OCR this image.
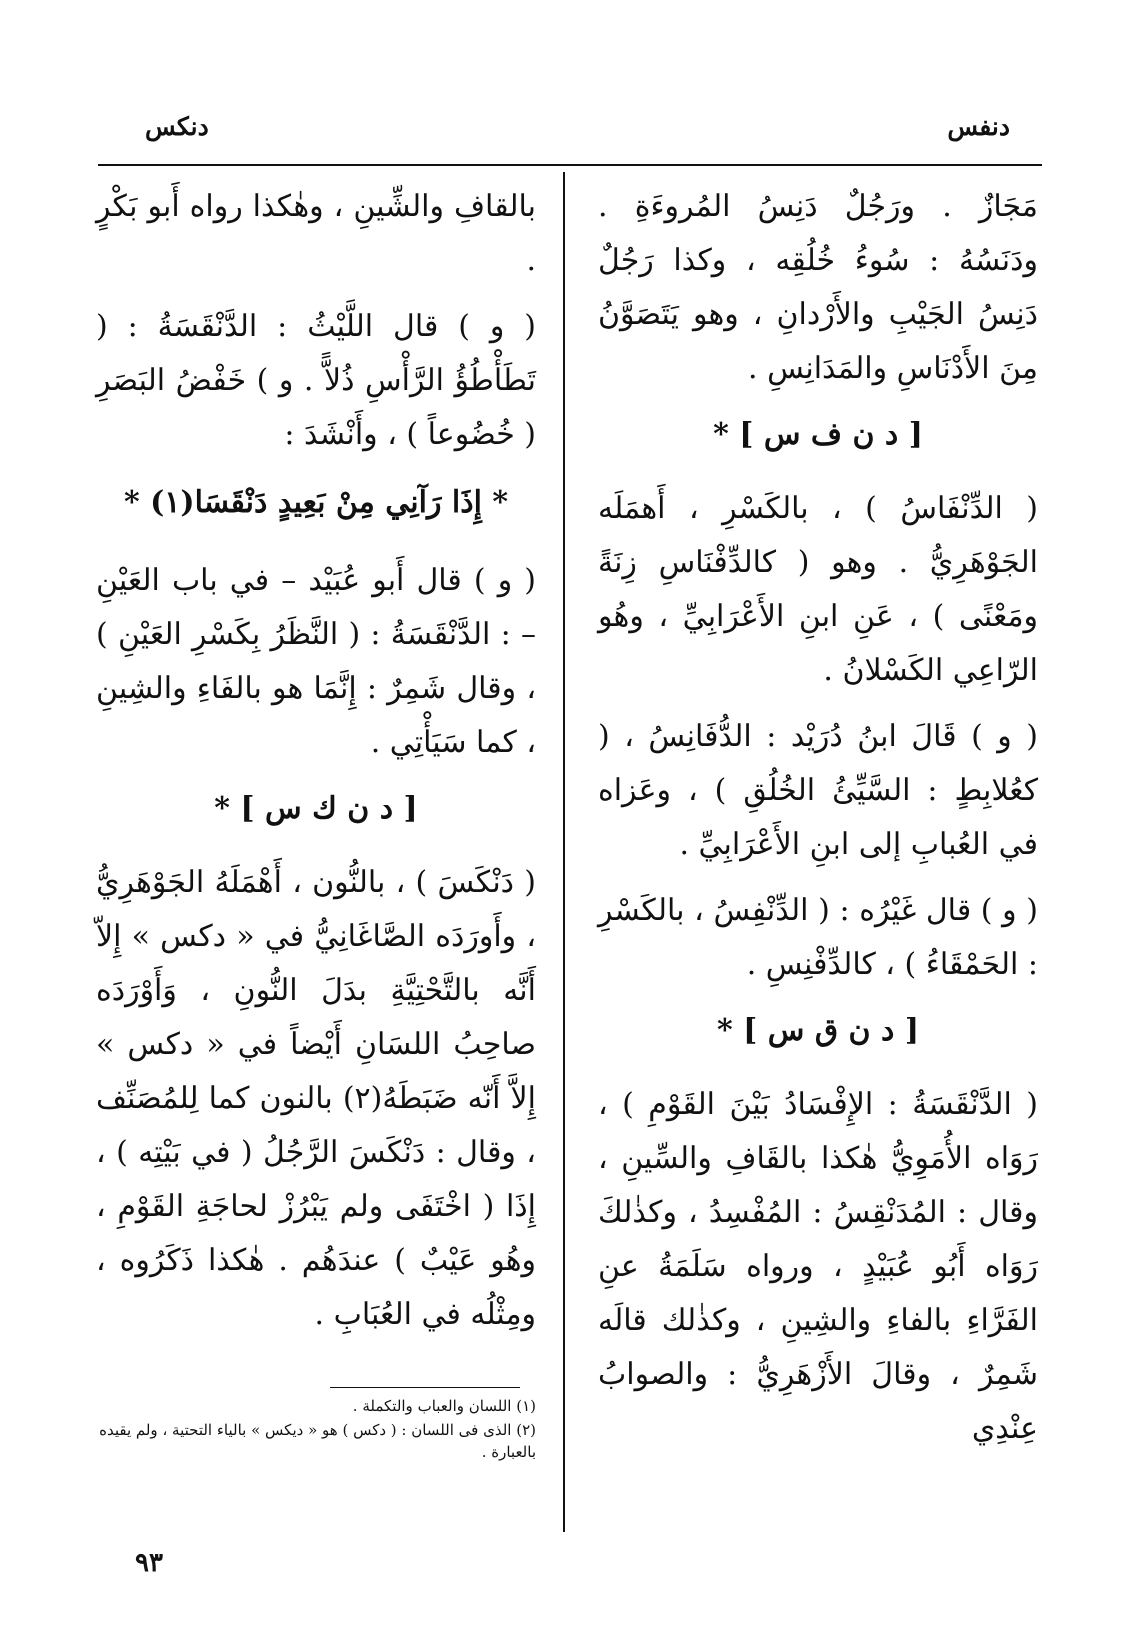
دنفس
دنكس

مَجَازٌ . ورَجُلٌ دَنِسُ المُروءَةِ . ودَنَسُهُ : سُوءُ خُلُقِه ، وكذا رَجُلٌ دَنِسُ الجَيْبِ والأَرْدانِ ، وهو يَتَصَوَّنُ مِنَ الأَدْنَاسِ والمَدَانِسِ .

[ د ن ف س ] *

( الدِّنْفَاسُ ) ، بالكَسْرِ ، أَهمَلَه الجَوْهَرِيُّ . وهو ( كالدِّفْنَاسِ زِنَةً ومَعْنًى ) ، عَنِ ابنِ الأَعْرَابِيِّ ، وهُو الرّاعِي الكَسْلانُ .

( و ) قَالَ ابنُ دُرَيْد : الدُّفَانِسُ ، ( كعُلابِطٍ : السَّيِّئُ الخُلُقِ ) ، وعَزاه في العُبابِ إلى ابنِ الأَعْرَابِيِّ .

( و ) قال غَيْرُه : ( الدِّنْفِسُ ، بالكَسْرِ : الحَمْقَاءُ ) ، كالدِّفْنِسِ .

[ د ن ق س ] *

( الدَّنْقَسَةُ : الإِفْسَادُ بَيْنَ القَوْمِ ) ، رَوَاه الأُمَوِيُّ هٰكذا بالقَافِ والسِّينِ ، وقال : المُدَنْقِسُ : المُفْسِدُ ، وكذٰلكَ رَوَاه أَبُو عُبَيْدٍ ، ورواه سَلَمَةُ عنِ الفَرَّاءِ بالفاءِ والشِينِ ، وكذٰلك قالَه شَمِرٌ ، وقالَ الأَزْهَرِيُّ : والصوابُ عِنْدِي

بالقافِ والشِّينِ ، وهٰكذا رواه أَبو بَكْرٍ .

( و ) قال اللَّيْثُ : الدَّنْقَسَةُ : ( تَطَأْطُؤُ الرَّأْسِ ذُلاًّ . و ) خَفْضُ البَصَرِ ( خُضُوعاً ) ، وأَنْشَدَ :

* إِذَا رَآنِي مِنْ بَعِيدٍ دَنْقَسَا(١) *

( و ) قال أَبو عُبَيْد – في باب العَيْنِ – : الدَّنْقَسَةُ : ( النَّظَرُ بِكَسْرِ العَيْنِ ) ، وقال شَمِرٌ : إِنَّمَا هو بالفَاءِ والشِينِ ، كما سَيَأْتِي .

[ د ن ك س ] *

( دَنْكَسَ ) ، بالنُّون ، أَهْمَلَهُ الجَوْهَرِيُّ ، وأَورَدَه الصَّاغَانِيُّ في « دكس » إِلاّ أَنَّه بالتَّحْتِيَّةِ بدَلَ النُّونِ ، وَأَوْرَدَه صاحِبُ اللسَانِ أَيْضاً في « دكس » إِلاَّ أَنّه ضَبَطَهُ(٢) بالنون كما لِلمُصَنِّف ، وقال : دَنْكَسَ الرَّجُلُ ( في بَيْتِه ) ، إِذَا ( اخْتَفَى ولم يَبْرُزْ لحاجَةِ القَوْمِ ، وهُو عَيْبٌ ) عندَهُم . هٰكذا ذَكَرُوه ، ومِثْلُه في العُبَابِ .

(١) اللسان والعباب والتكملة .
(٢) الذى فى اللسان : ( دكس ) هو « ديكس » بالياء التحتية ، ولم يقيده بالعبارة .
٩٣
